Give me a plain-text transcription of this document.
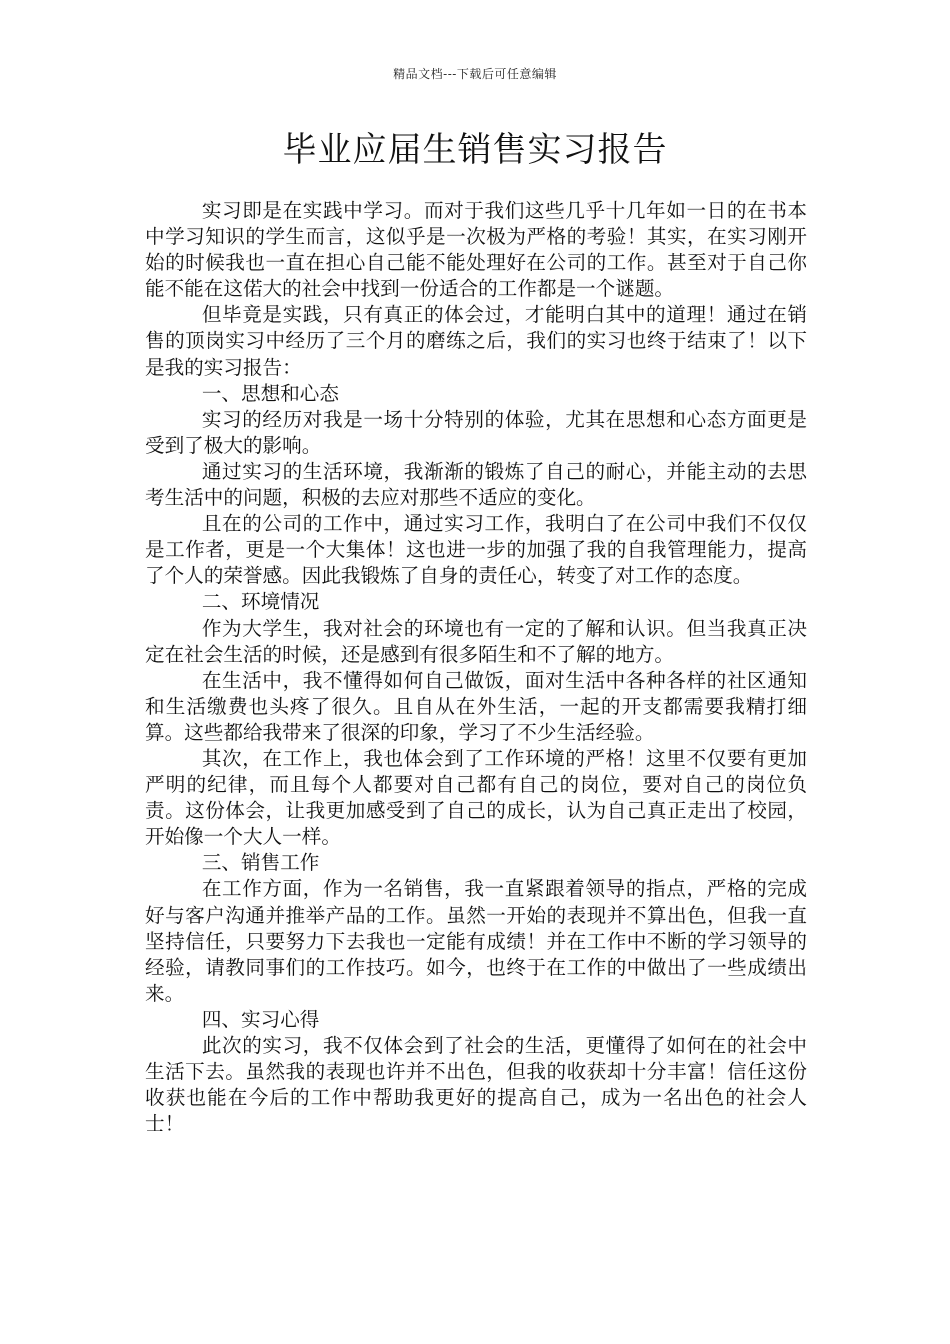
精品文档---下载后可任意编辑
毕业应届生销售实习报告

实习即是在实践中学习。而对于我们这些几乎十几年如一日的在书本中学习知识的学生而言，这似乎是一次极为严格的考验！其实，在实习刚开始的时候我也一直在担心自己能不能处理好在公司的工作。甚至对于自己你能不能在这偌大的社会中找到一份适合的工作都是一个谜题。

但毕竟是实践，只有真正的体会过，才能明白其中的道理！通过在销售的顶岗实习中经历了三个月的磨练之后，我们的实习也终于结束了！以下是我的实习报告：

一、思想和心态

实习的经历对我是一场十分特别的体验，尤其在思想和心态方面更是受到了极大的影响。

通过实习的生活环境，我渐渐的锻炼了自己的耐心，并能主动的去思考生活中的问题，积极的去应对那些不适应的变化。

且在的公司的工作中，通过实习工作，我明白了在公司中我们不仅仅是工作者，更是一个大集体！这也进一步的加强了我的自我管理能力，提高了个人的荣誉感。因此我锻炼了自身的责任心，转变了对工作的态度。

二、环境情况

作为大学生，我对社会的环境也有一定的了解和认识。但当我真正决定在社会生活的时候，还是感到有很多陌生和不了解的地方。

在生活中，我不懂得如何自己做饭，面对生活中各种各样的社区通知和生活缴费也头疼了很久。且自从在外生活，一起的开支都需要我精打细算。这些都给我带来了很深的印象，学习了不少生活经验。

其次，在工作上，我也体会到了工作环境的严格！这里不仅要有更加严明的纪律，而且每个人都要对自己都有自己的岗位，要对自己的岗位负责。这份体会，让我更加感受到了自己的成长，认为自己真正走出了校园，开始像一个大人一样。

三、销售工作

在工作方面，作为一名销售，我一直紧跟着领导的指点，严格的完成好与客户沟通并推举产品的工作。虽然一开始的表现并不算出色，但我一直坚持信任，只要努力下去我也一定能有成绩！并在工作中不断的学习领导的经验，请教同事们的工作技巧。如今，也终于在工作的中做出了一些成绩出来。

四、实习心得

此次的实习，我不仅体会到了社会的生活，更懂得了如何在的社会中生活下去。虽然我的表现也许并不出色，但我的收获却十分丰富！信任这份收获也能在今后的工作中帮助我更好的提高自己，成为一名出色的社会人士！
